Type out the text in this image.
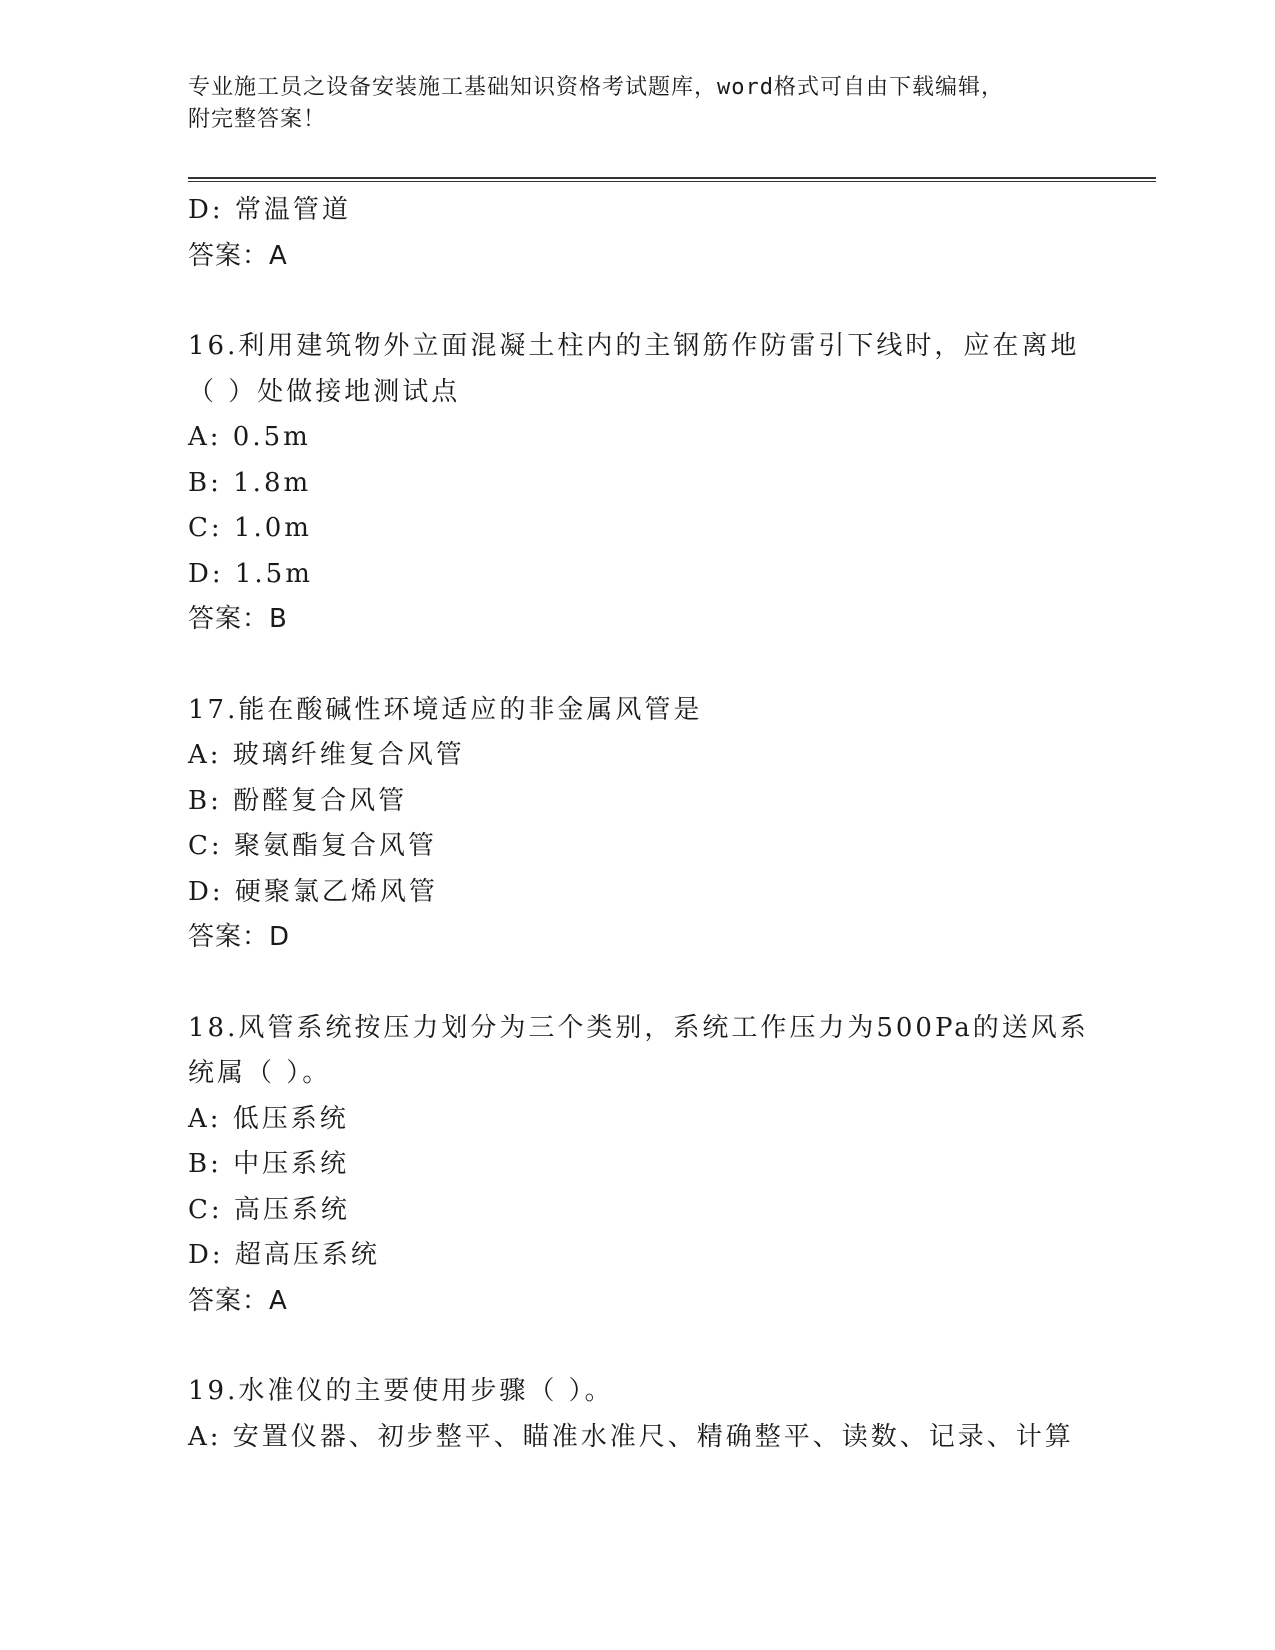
专业施工员之设备安装施工基础知识资格考试题库，word格式可自由下载编辑，
附完整答案！
D: 常温管道
答案：A
16.利用建筑物外立面混凝土柱内的主钢筋作防雷引下线时，应在离地
（ ）处做接地测试点
A: 0.5m
B: 1.8m
C: 1.0m
D: 1.5m
答案：B
17.能在酸碱性环境适应的非金属风管是
A: 玻璃纤维复合风管
B: 酚醛复合风管
C: 聚氨酯复合风管
D: 硬聚氯乙烯风管
答案：D
18.风管系统按压力划分为三个类别，系统工作压力为500Pa的送风系
统属（ ）。
A: 低压系统
B: 中压系统
C: 高压系统
D: 超高压系统
答案：A
19.水准仪的主要使用步骤（ ）。
A: 安置仪器、初步整平、瞄准水准尺、精确整平、读数、记录、计算
